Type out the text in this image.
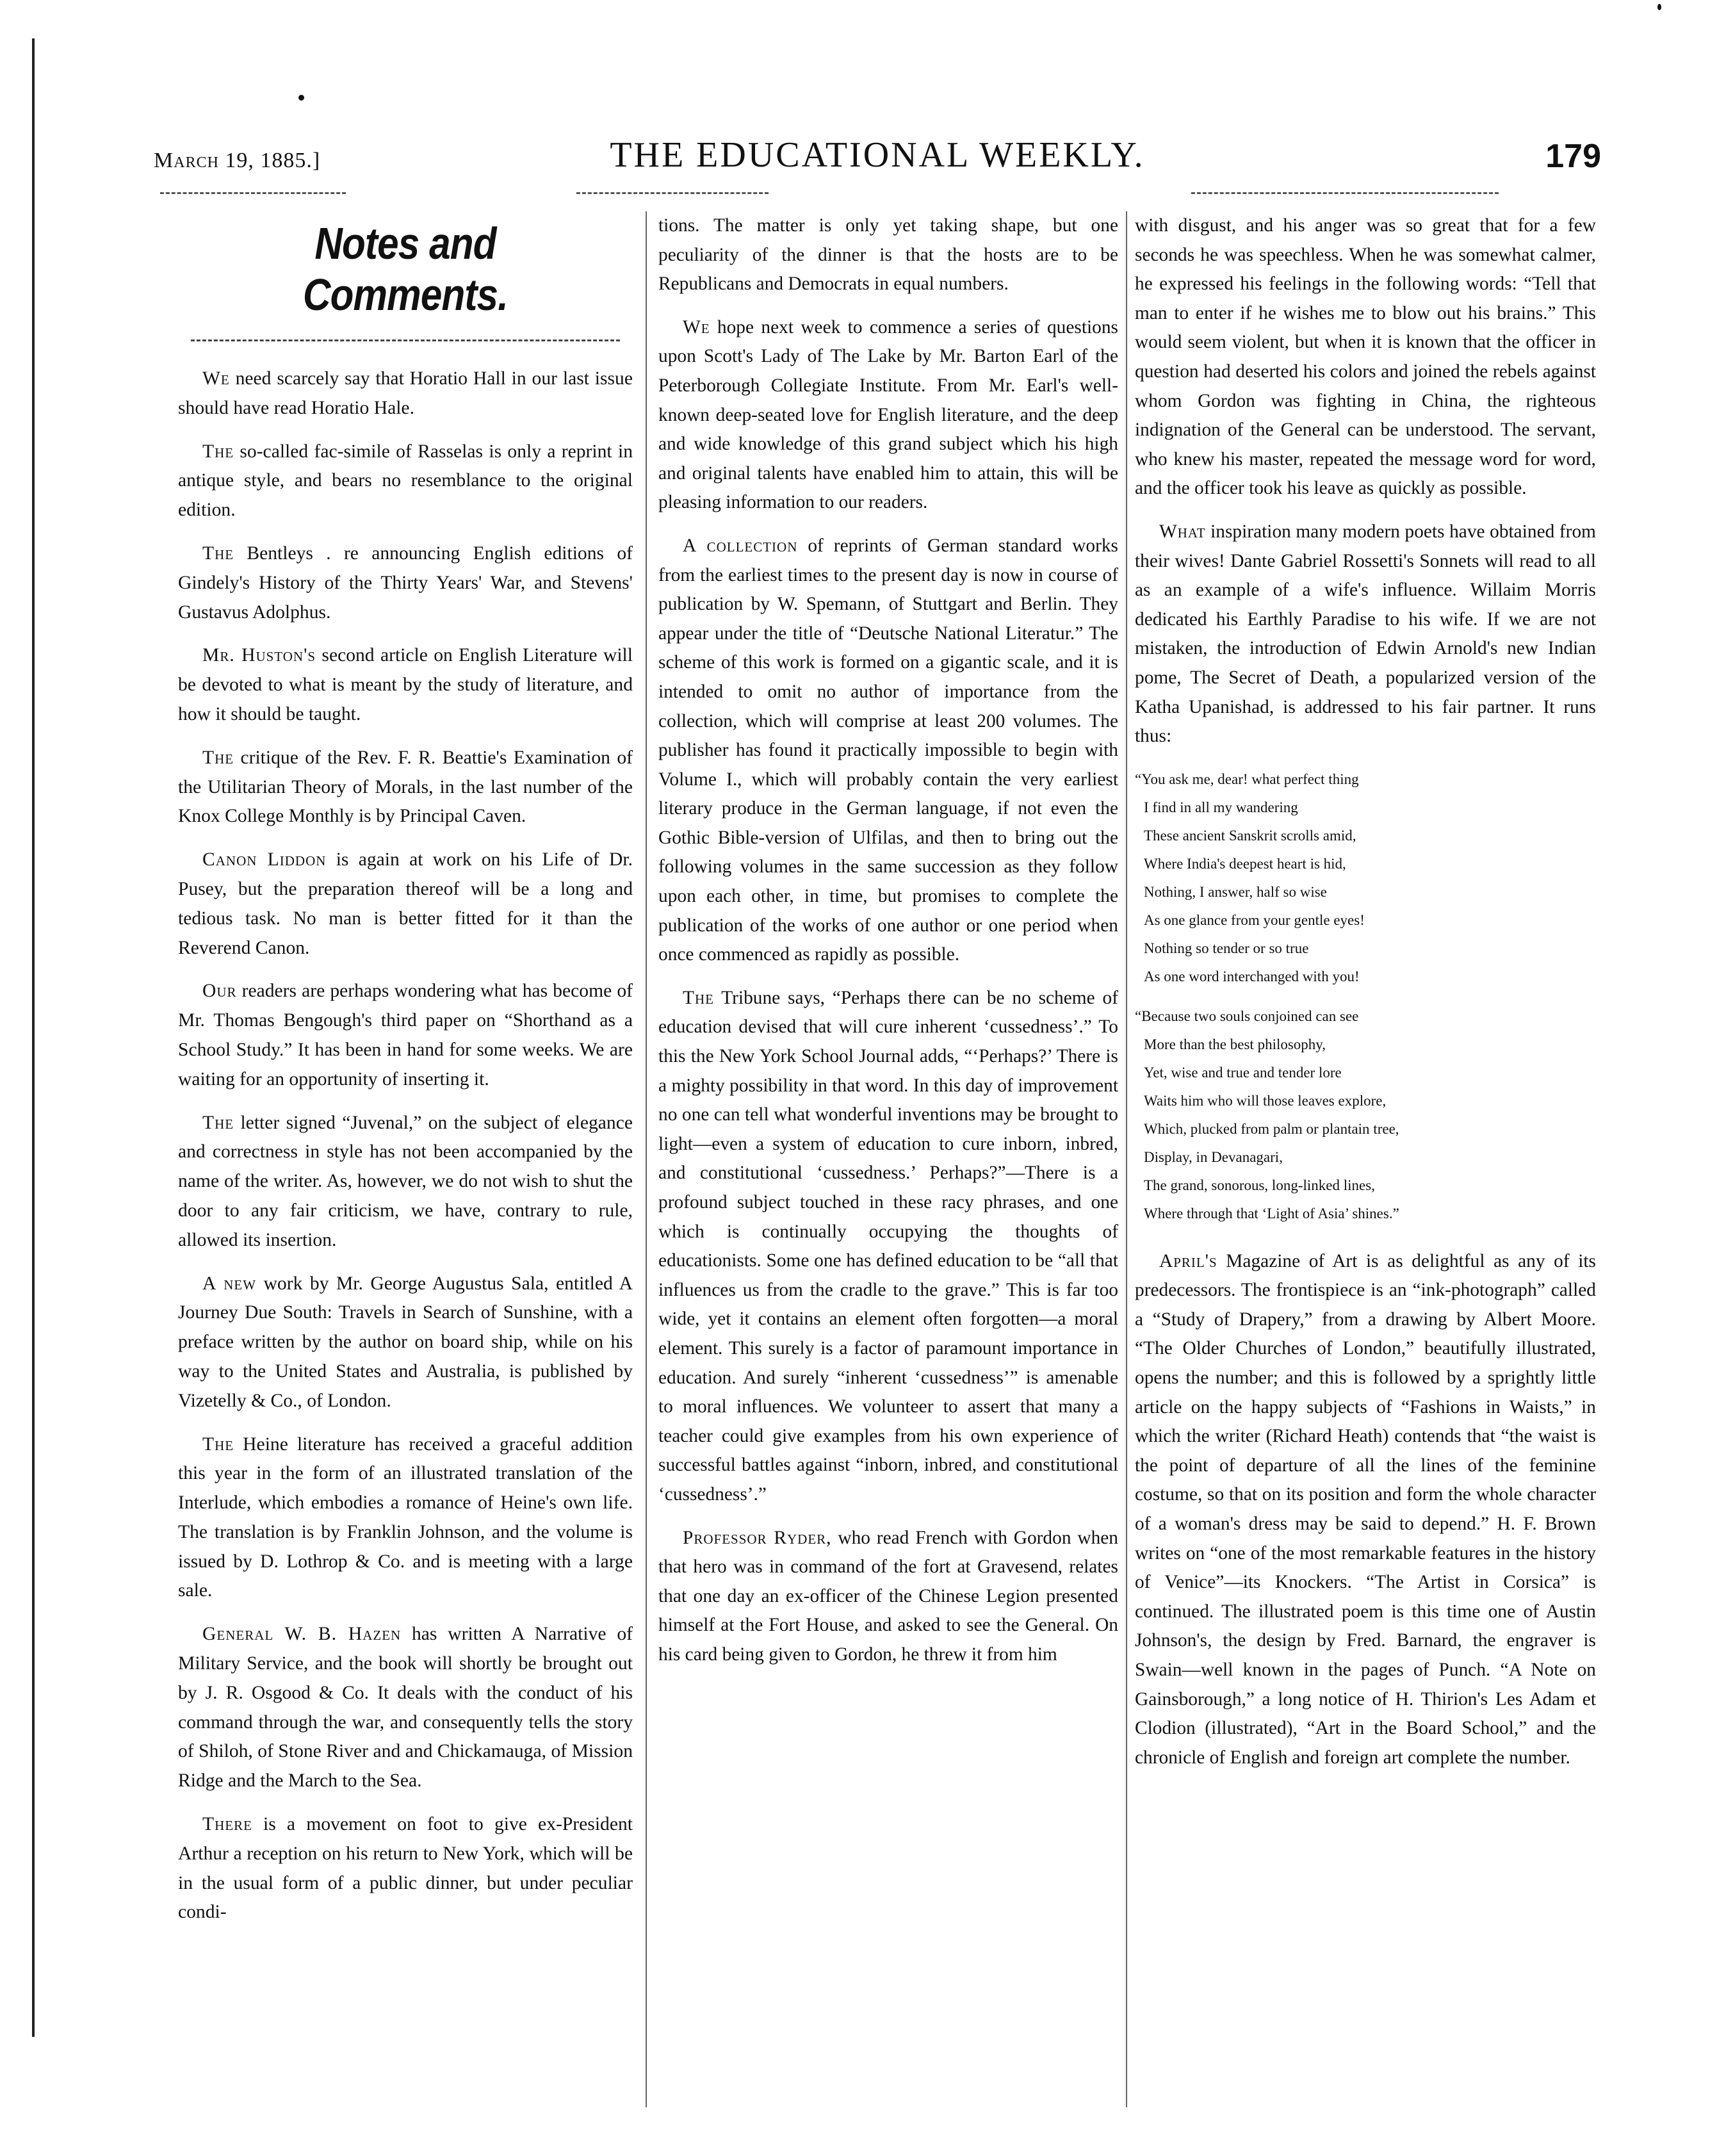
March 19, 1885.]	THE EDUCATIONAL WEEKLY.	179
Notes and Comments.

We need scarcely say that Horatio Hall in our last issue should have read Horatio Hale.

The so-called fac-simile of Rasselas is only a reprint in antique style, and bears no resemblance to the original edition.

The Bentleys . re announcing English editions of Gindely's History of the Thirty Years' War, and Stevens' Gustavus Adolphus.

Mr. Huston's second article on English Literature will be devoted to what is meant by the study of literature, and how it should be taught.

The critique of the Rev. F. R. Beattie's Examination of the Utilitarian Theory of Morals, in the last number of the Knox College Monthly is by Principal Caven.

Canon Liddon is again at work on his Life of Dr. Pusey, but the preparation thereof will be a long and tedious task. No man is better fitted for it than the Reverend Canon.

Our readers are perhaps wondering what has become of Mr. Thomas Bengough's third paper on “Shorthand as a School Study.” It has been in hand for some weeks. We are waiting for an opportunity of inserting it.

The letter signed “Juvenal,” on the subject of elegance and correctness in style has not been accompanied by the name of the writer. As, however, we do not wish to shut the door to any fair criticism, we have, contrary to rule, allowed its insertion.

A new work by Mr. George Augustus Sala, entitled A Journey Due South: Travels in Search of Sunshine, with a preface written by the author on board ship, while on his way to the United States and Australia, is published by Vizetelly & Co., of London.

The Heine literature has received a graceful addition this year in the form of an illustrated translation of the Interlude, which embodies a romance of Heine's own life. The translation is by Franklin Johnson, and the volume is issued by D. Lothrop & Co. and is meeting with a large sale.

General W. B. Hazen has written A Narrative of Military Service, and the book will shortly be brought out by J. R. Osgood & Co. It deals with the conduct of his command through the war, and consequently tells the story of Shiloh, of Stone River and and Chickamauga, of Mission Ridge and the March to the Sea.

There is a movement on foot to give ex-President Arthur a reception on his return to New York, which will be in the usual form of a public dinner, but under peculiar condi-

tions. The matter is only yet taking shape, but one peculiarity of the dinner is that the hosts are to be Republicans and Democrats in equal numbers.

We hope next week to commence a series of questions upon Scott's Lady of The Lake by Mr. Barton Earl of the Peterborough Collegiate Institute. From Mr. Earl's well-known deep-seated love for English literature, and the deep and wide knowledge of this grand subject which his high and original talents have enabled him to attain, this will be pleasing information to our readers.

A collection of reprints of German standard works from the earliest times to the present day is now in course of publication by W. Spemann, of Stuttgart and Berlin. They appear under the title of “Deutsche National Literatur.” The scheme of this work is formed on a gigantic scale, and it is intended to omit no author of importance from the collection, which will comprise at least 200 volumes. The publisher has found it practically impossible to begin with Volume I., which will probably contain the very earliest literary produce in the German language, if not even the Gothic Bible-version of Ulfilas, and then to bring out the following volumes in the same succession as they follow upon each other, in time, but promises to complete the publication of the works of one author or one period when once commenced as rapidly as possible.

The Tribune says, “Perhaps there can be no scheme of education devised that will cure inherent ‘cussedness’.” To this the New York School Journal adds, “‘Perhaps?’ There is a mighty possibility in that word. In this day of improvement no one can tell what wonderful inventions may be brought to light—even a system of education to cure inborn, inbred, and constitutional ‘cussedness.’ Perhaps?”—There is a profound subject touched in these racy phrases, and one which is continually occupying the thoughts of educationists. Some one has defined education to be “all that influences us from the cradle to the grave.” This is far too wide, yet it contains an element often forgotten—a moral element. This surely is a factor of paramount importance in education. And surely “inherent ‘cussedness’” is amenable to moral influences. We volunteer to assert that many a teacher could give examples from his own experience of successful battles against “inborn, inbred, and constitutional ‘cussedness’.”

Professor Ryder, who read French with Gordon when that hero was in command of the fort at Gravesend, relates that one day an ex-officer of the Chinese Legion presented himself at the Fort House, and asked to see the General. On his card being given to Gordon, he threw it from him

with disgust, and his anger was so great that for a few seconds he was speechless. When he was somewhat calmer, he expressed his feelings in the following words: “Tell that man to enter if he wishes me to blow out his brains.” This would seem violent, but when it is known that the officer in question had deserted his colors and joined the rebels against whom Gordon was fighting in China, the righteous indignation of the General can be understood. The servant, who knew his master, repeated the message word for word, and the officer took his leave as quickly as possible.

What inspiration many modern poets have obtained from their wives! Dante Gabriel Rossetti's Sonnets will read to all as an example of a wife's influence. Willaim Morris dedicated his Earthly Paradise to his wife. If we are not mistaken, the introduction of Edwin Arnold's new Indian pome, The Secret of Death, a popularized version of the Katha Upanishad, is addressed to his fair partner. It runs thus:

“You ask me, dear! what perfect thing
I find in all my wandering
These ancient Sanskrit scrolls amid,
Where India's deepest heart is hid,
Nothing, I answer, half so wise
As one glance from your gentle eyes!
Nothing so tender or so true
As one word interchanged with you!
“Because two souls conjoined can see
More than the best philosophy,
Yet, wise and true and tender lore
Waits him who will those leaves explore,
Which, plucked from palm or plantain tree,
Display, in Devanagari,
The grand, sonorous, long-linked lines,
Where through that ‘Light of Asia’ shines.”

April's Magazine of Art is as delightful as any of its predecessors. The frontispiece is an “ink-photograph” called a “Study of Drapery,” from a drawing by Albert Moore. “The Older Churches of London,” beautifully illustrated, opens the number; and this is followed by a sprightly little article on the happy subjects of “Fashions in Waists,” in which the writer (Richard Heath) contends that “the waist is the point of departure of all the lines of the feminine costume, so that on its position and form the whole character of a woman's dress may be said to depend.” H. F. Brown writes on “one of the most remarkable features in the history of Venice”—its Knockers. “The Artist in Corsica” is continued. The illustrated poem is this time one of Austin Johnson's, the design by Fred. Barnard, the engraver is Swain—well known in the pages of Punch. “A Note on Gainsborough,” a long notice of H. Thirion's Les Adam et Clodion (illustrated), “Art in the Board School,” and the chronicle of English and foreign art complete the number.
